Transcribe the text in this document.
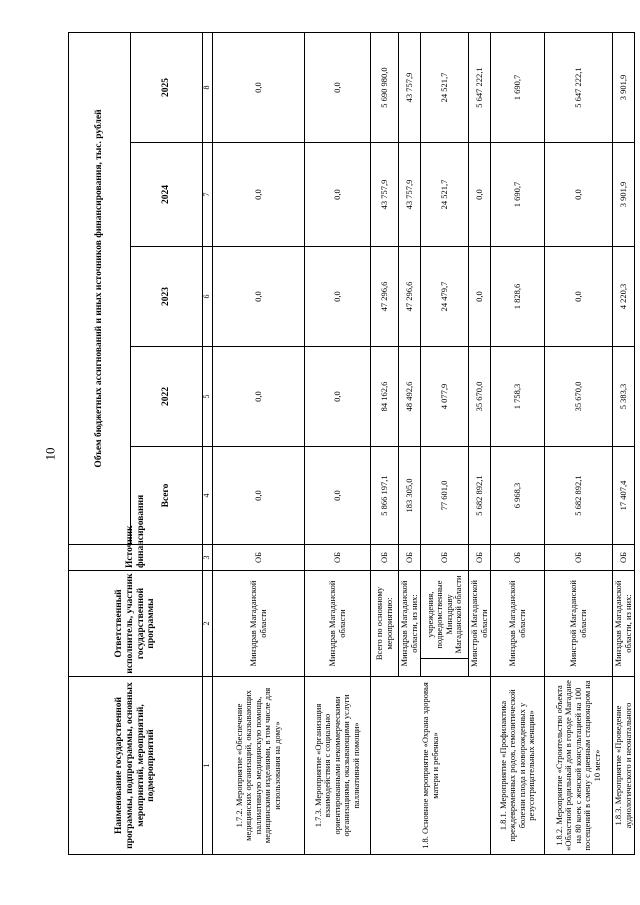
10
Наименование государственной программы, подпрограммы, основных мероприятий, мероприятий, подмероприятий	Ответственный исполнитель, участник государственной программы		Источник финансирования	Объем бюджетных ассигнований и иных источников финансирования, тыс. рублей				
				Всего	2022	2023	2024	2025
1	2		3	4	5	6	7	8
1.7.2. Мероприятие «Обеспечение медицинских организаций, оказывающих паллиативную медицинскую помощь, медицинскими изделиями, в том числе для использования на дому»	Минздрав Магаданской области		ОБ	0,0	0,0	0,0	0,0	0,0
1.7.3. Мероприятие «Организация взаимодействия с социально ориентированными некоммерческими организациями, оказывающими услуги паллиативной помощи»	Минздрав Магаданской области		ОБ	0,0	0,0	0,0	0,0	0,0
1.8. Основное мероприятие «Охрана здоровья матери и ребенка»	Всего по основному мероприятию:		ОБ	5 866 197,1	84 162,6	47 296,6	43 757,9	5 690 980,0
	Минздрав Магаданской области, из них:		ОБ	183 305,0	48 492,6	47 296,6	43 757,9	43 757,9
		учреждения, подведомственные Минздраву Магаданской области	ОБ	77 601,0	4 077,9	24 479,7	24 521,7	24 521,7
	Минстрой Магаданской области		ОБ	5 682 892,1	35 670,0	0,0	0,0	5 647 222,1
1.8.1. Мероприятие «Профилактика преждевременных родов, гемолитической болезни плода и новорожденных у резусотрицательных женщин»	Минздрав Магаданской области		ОБ	6 968,3	1 758,3	1 828,6	1 690,7	1 690,7
1.8.2. Мероприятие «Строительство объекта «Областной родильный дом в городе Магадане на 80 коек с женской консультацией на 100 посещений в смену с дневным стационаром на 10 мест»	Минстрой Магаданской области		ОБ	5 682 892,1	35 670,0	0,0	0,0	5 647 222,1
1.8.3. Мероприятие «Проведение аудиологического и неонатального	Минздрав Магаданской области, из них:		ОБ	17 407,4	5 383,3	4 220,3	3 901,9	3 901,9
